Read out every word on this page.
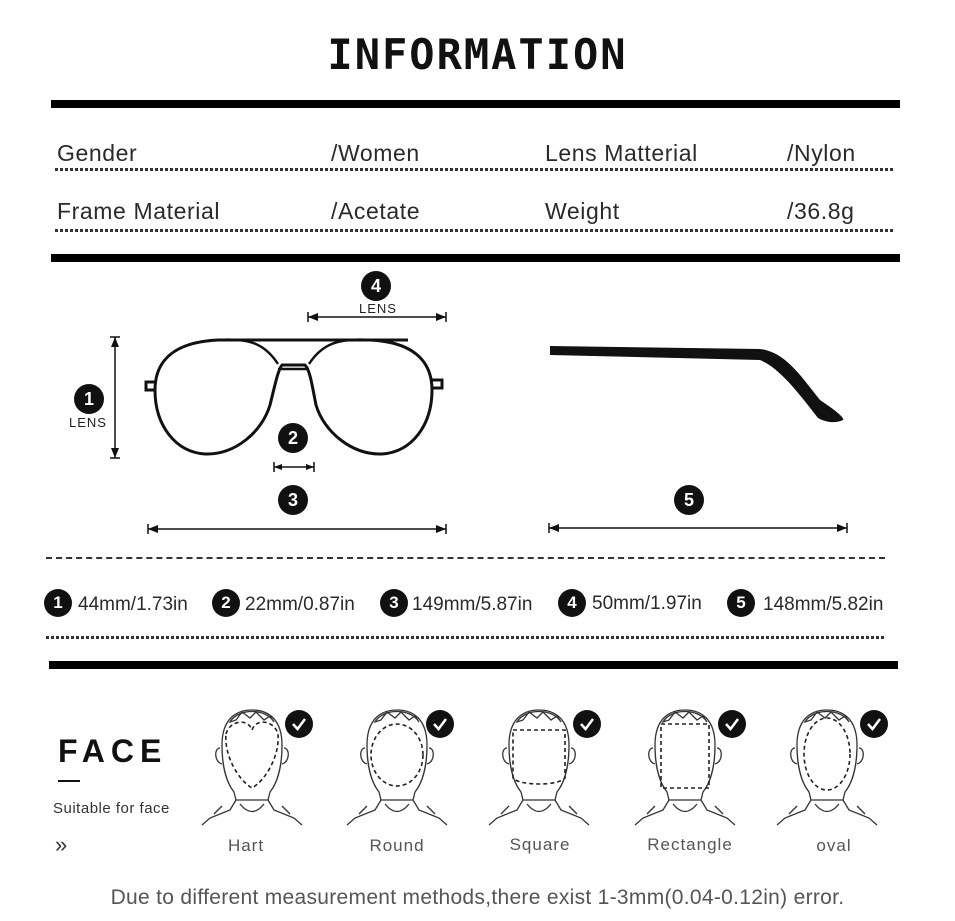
INFORMATION
Gender	/Women	Lens Matterial	/Nylon
Frame Material	/Acetate	Weight	/36.8g
4
LENS
1
LENS
2
3	5
1 44mm/1.73in	2 22mm/0.87in	3 149mm/5.87in	4 50mm/1.97in	5 148mm/5.82in
FACE
Suitable for face
»	Hart	Round	Square	Rectangle	oval
Due to different measurement methods,there exist 1-3mm(0.04-0.12in) error.
